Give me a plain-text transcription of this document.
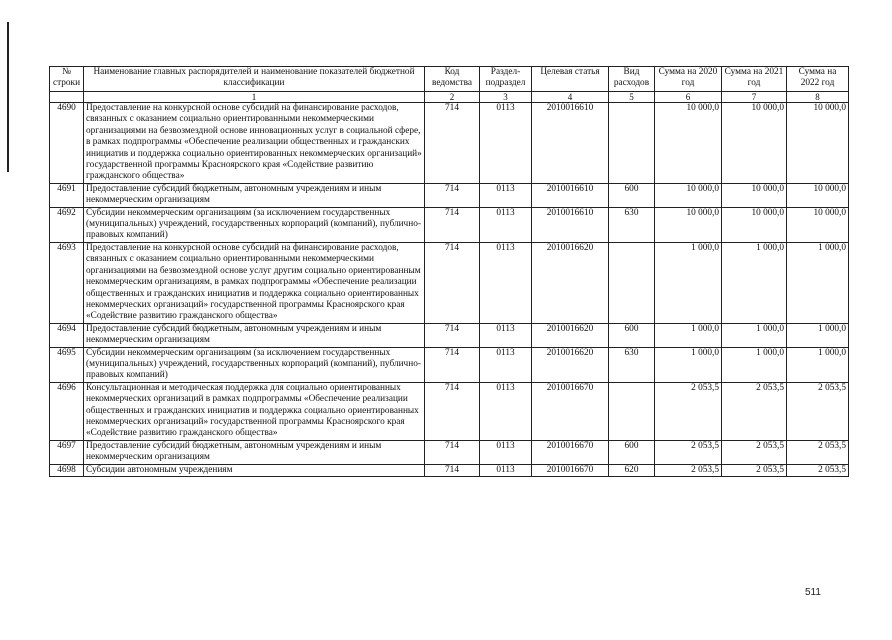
№ строки	Наименование главных распорядителей и наименование показателей бюджетной классификации	Код ведомства	Раздел-подраздел	Целевая статья	Вид расходов	Сумма на 2020 год	Сумма на 2021 год	Сумма на 2022 год
	1	2	3	4	5	6	7	8
4690	Предоставление на конкурсной основе субсидий на финансирование расходов, связанных с оказанием социально ориентированными некоммерческими организациями на безвозмездной основе инновационных услуг в социальной сфере, в рамках подпрограммы «Обеспечение реализации общественных и гражданских инициатив и поддержка социально ориентированных некоммерческих организаций» государственной программы Красноярского края «Содействие развитию гражданского общества»	714	0113	2010016610		10 000,0	10 000,0	10 000,0
4691	Предоставление субсидий бюджетным, автономным учреждениям и иным некоммерческим организациям	714	0113	2010016610	600	10 000,0	10 000,0	10 000,0
4692	Субсидии некоммерческим организациям (за исключением государственных (муниципальных) учреждений, государственных корпораций (компаний), публично-правовых компаний)	714	0113	2010016610	630	10 000,0	10 000,0	10 000,0
4693	Предоставление на конкурсной основе субсидий на финансирование расходов, связанных с оказанием социально ориентированными некоммерческими организациями на безвозмездной основе услуг другим социально ориентированным некоммерческим организациям, в рамках подпрограммы «Обеспечение реализации общественных и гражданских инициатив и поддержка социально ориентированных некоммерческих организаций» государственной программы Красноярского края «Содействие развитию гражданского общества»	714	0113	2010016620		1 000,0	1 000,0	1 000,0
4694	Предоставление субсидий бюджетным, автономным учреждениям и иным некоммерческим организациям	714	0113	2010016620	600	1 000,0	1 000,0	1 000,0
4695	Субсидии некоммерческим организациям (за исключением государственных (муниципальных) учреждений, государственных корпораций (компаний), публично-правовых компаний)	714	0113	2010016620	630	1 000,0	1 000,0	1 000,0
4696	Консультационная и методическая поддержка для социально ориентированных некоммерческих организаций в рамках подпрограммы «Обеспечение реализации общественных и гражданских инициатив и поддержка социально ориентированных некоммерческих организаций» государственной программы Красноярского края «Содействие развитию гражданского общества»	714	0113	2010016670		2 053,5	2 053,5	2 053,5
4697	Предоставление субсидий бюджетным, автономным учреждениям и иным некоммерческим организациям	714	0113	2010016670	600	2 053,5	2 053,5	2 053,5
4698	Субсидии автономным учреждениям	714	0113	2010016670	620	2 053,5	2 053,5	2 053,5
511
